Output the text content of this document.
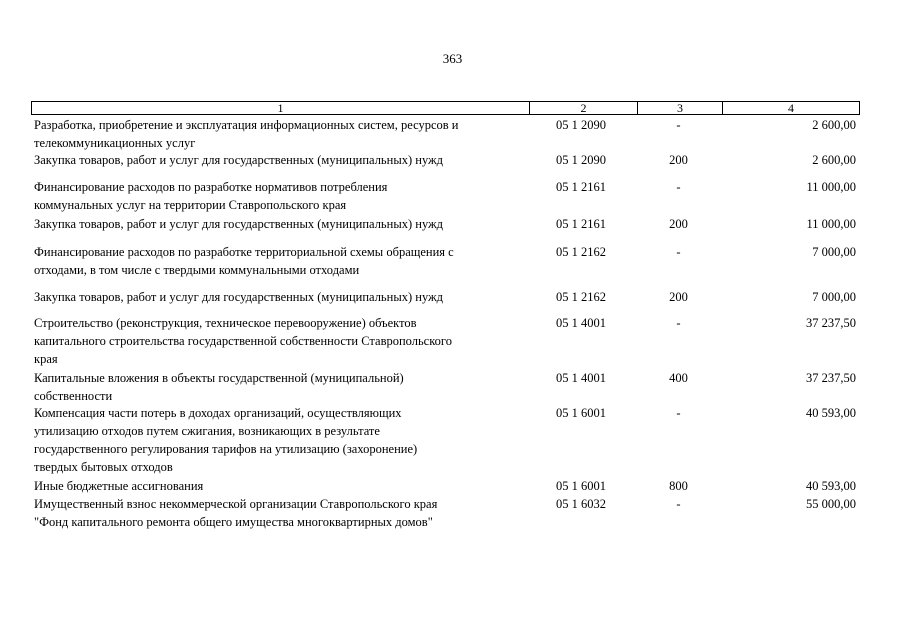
363
1	2	3	4
Разработка, приобретение и эксплуатация информационных систем, ресурсов и
телекоммуникационных услуг
05 1 2090	-	2 600,00
Закупка товаров, работ и услуг для государственных (муниципальных) нужд	05 1 2090	200	2 600,00
Финансирование расходов по разработке нормативов потребления
коммунальных услуг на территории Ставропольского края
05 1 2161	-	11 000,00
Закупка товаров, работ и услуг для государственных (муниципальных) нужд	05 1 2161	200	11 000,00
Финансирование расходов по разработке территориальной схемы обращения с
отходами, в том числе с твердыми коммунальными отходами
05 1 2162	-	7 000,00
Закупка товаров, работ и услуг для государственных (муниципальных) нужд	05 1 2162	200	7 000,00
Строительство (реконструкция, техническое перевооружение) объектов
капитального строительства государственной собственности Ставропольского
края
05 1 4001	-	37 237,50
Капитальные вложения в объекты государственной (муниципальной)
собственности
05 1 4001	400	37 237,50
Компенсация части потерь в доходах организаций, осуществляющих
утилизацию отходов путем сжигания, возникающих в результате
государственного регулирования тарифов на утилизацию (захоронение)
твердых бытовых отходов
05 1 6001	-	40 593,00
Иные бюджетные ассигнования	05 1 6001	800	40 593,00
Имущественный взнос некоммерческой организации Ставропольского края
"Фонд капитального ремонта общего имущества многоквартирных домов"
05 1 6032	-	55 000,00
